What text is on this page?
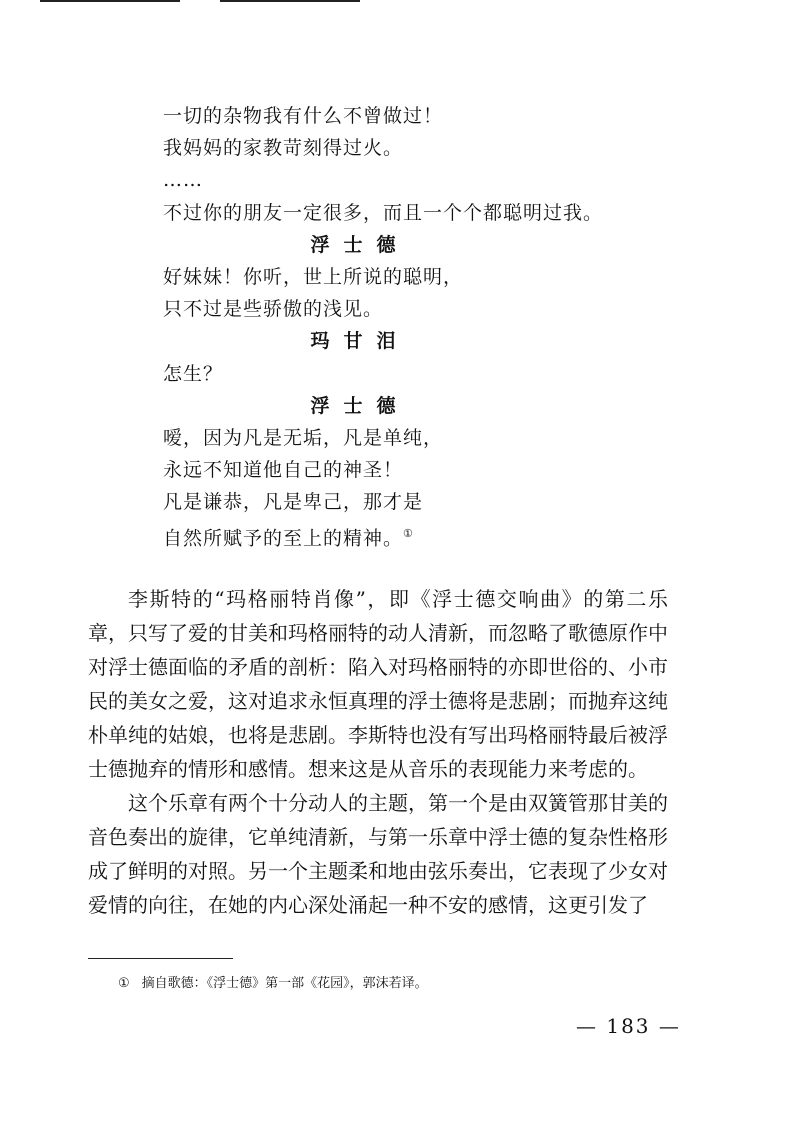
一切的杂物我有什么不曾做过！
我妈妈的家教苛刻得过火。
……
不过你的朋友一定很多，而且一个个都聪明过我。
浮士德
好妹妹！你听，世上所说的聪明，
只不过是些骄傲的浅见。
玛甘泪
怎生？
浮士德
嗳，因为凡是无垢，凡是单纯，
永远不知道他自己的神圣！
凡是谦恭，凡是卑己，那才是
自然所赋予的至上的精神。①

李斯特的“玛格丽特肖像”，即《浮士德交响曲》的第二乐章，只写了爱的甘美和玛格丽特的动人清新，而忽略了歌德原作中对浮士德面临的矛盾的剖析：陷入对玛格丽特的亦即世俗的、小市民的美女之爱，这对追求永恒真理的浮士德将是悲剧；而抛弃这纯朴单纯的姑娘，也将是悲剧。李斯特也没有写出玛格丽特最后被浮士德抛弃的情形和感情。想来这是从音乐的表现能力来考虑的。

这个乐章有两个十分动人的主题，第一个是由双簧管那甘美的音色奏出的旋律，它单纯清新，与第一乐章中浮士德的复杂性格形成了鲜明的对照。另一个主题柔和地由弦乐奏出，它表现了少女对爱情的向往，在她的内心深处涌起一种不安的感情，这更引发了

① 摘自歌德：《浮士德》第一部《花园》，郭沫若译。
— 183 —
